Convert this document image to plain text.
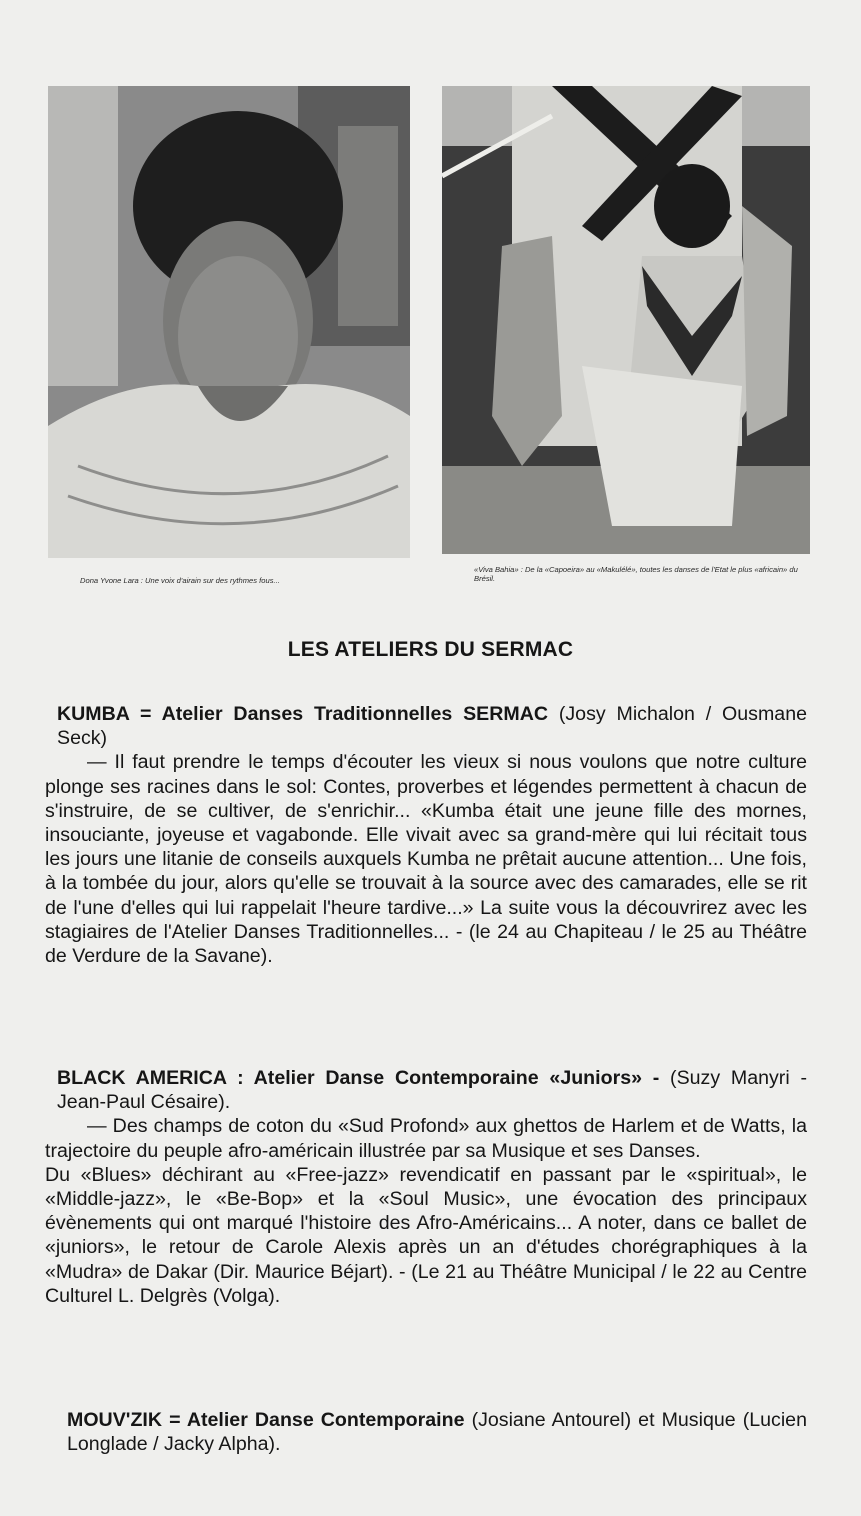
Dona Yvone Lara : Une voix d'airain sur des rythmes fous...
«Viva Bahia» : De la «Capoeira» au «Makulélé», toutes les danses de l'Etat le plus «africain» du Brésil.
LES ATELIERS DU SERMAC

KUMBA = Atelier Danses Traditionnelles SERMAC (Josy Michalon / Ousmane Seck)

— Il faut prendre le temps d'écouter les vieux si nous voulons que notre culture plonge ses racines dans le sol: Contes, proverbes et légendes permettent à chacun de s'instruire, de se cultiver, de s'enrichir... «Kumba était une jeune fille des mornes, insouciante, joyeuse et vagabonde. Elle vivait avec sa grand-mère qui lui récitait tous les jours une litanie de conseils auxquels Kumba ne prêtait aucune attention... Une fois, à la tombée du jour, alors qu'elle se trouvait à la source avec des camarades, elle se rit de l'une d'elles qui lui rappelait l'heure tardive...» La suite vous la découvrirez avec les stagiaires de l'Atelier Danses Traditionnelles... - (le 24 au Chapiteau / le 25 au Théâtre de Verdure de la Savane).

BLACK AMERICA : Atelier Danse Contemporaine «Juniors» - (Suzy Manyri - Jean-Paul Césaire).

— Des champs de coton du «Sud Profond» aux ghettos de Harlem et de Watts, la trajectoire du peuple afro-américain illustrée par sa Musique et ses Danses.

Du «Blues» déchirant au «Free-jazz» revendicatif en passant par le «spiritual», le «Middle-jazz», le «Be-Bop» et la «Soul Music», une évocation des principaux évènements qui ont marqué l'histoire des Afro-Américains... A noter, dans ce ballet de «juniors», le retour de Carole Alexis après un an d'études chorégraphiques à la «Mudra» de Dakar (Dir. Maurice Béjart). - (Le 21 au Théâtre Municipal / le 22 au Centre Culturel L. Delgrès (Volga).

MOUV'ZIK = Atelier Danse Contemporaine (Josiane Antourel) et Musique (Lucien Longlade / Jacky Alpha).
